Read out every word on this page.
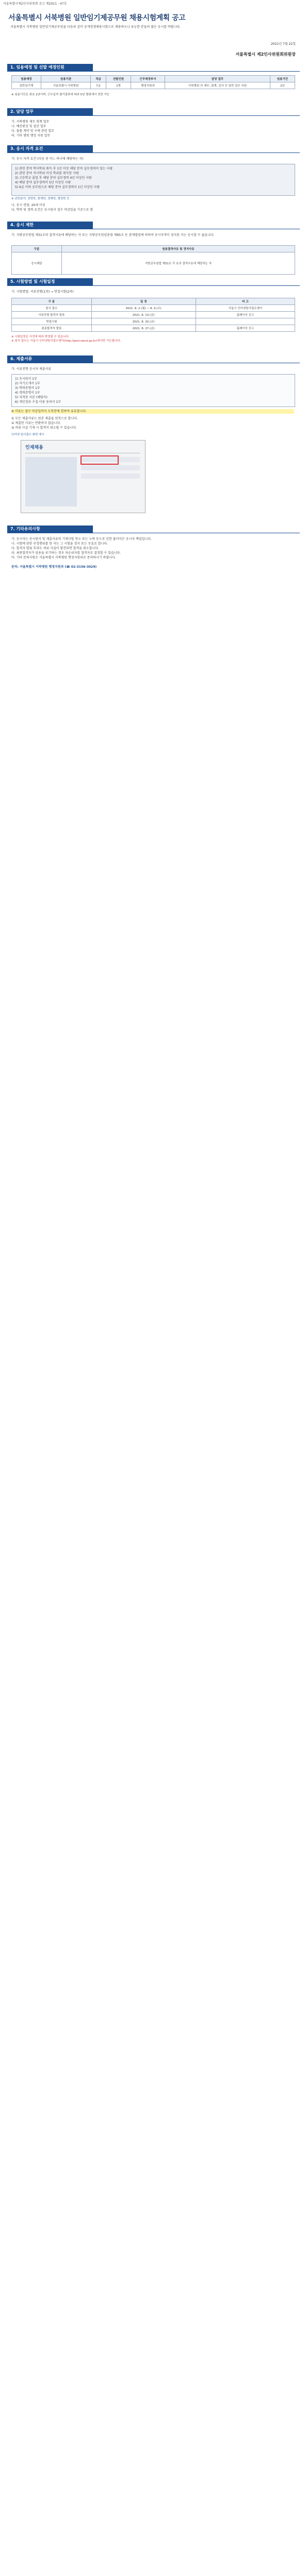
서울특별시제2인사위원회 공고 제2021 - 47호
서울특별시 서북병원 일반임기제공무원 채용시험계획 공고
서울특별시 서북병원 일반임기제공무원을 다음과 같이 공개경쟁채용시험으로 채용하오니 유능한 분들의 많은 응시를 바랍니다.
2021년 7월 22일
서울특별시 제2인사위원회위원장
1. 임용예정 및 선발 예정인원
임용예정	임용기관	직급	선발인원	근무예정부서	담당 업무	임용기간
일반임기제	서울특별시 서북병원	7급	1명	행정지원과	서북병원 의 재무, 회계, 감사 등 일반 업무 지원	2년
※ 임용기간은 최초 2년이며, 근무실적 평가결과에 따라 5년 범위에서 연장 가능
2. 담당 업무
가. 서북병원 재무 회계 업무
나. 예산편성 및 결산 업무
다. 물품 계약 및 구매 관련 업무
라. 기타 병원 행정 지원 업무
3. 응시 자격 요건
가. 응시 자격 요건 (다음 중 어느 하나에 해당하는 자)
1) 관련 분야 학사학위 취득 후 1년 이상 해당 분야 실무경력이 있는 사람
2) 관련 분야 석사학위 이상 학위를 취득한 사람
3) 고등학교 졸업 후 해당 분야 실무경력 4년 이상인 사람
4) 해당 분야 실무경력이 5년 이상인 사람
5) 6급 이하 공무원으로 해당 분야 실무경력이 1년 이상인 사람
※ 관련분야: 경영학, 회계학, 경제학, 행정학 등
나. 응시 연령: 20세 이상
다. 학력 및 경력 요건은 응시원서 접수 마감일을 기준으로 함
4. 응시 제한
가. 지방공무원법 제31조의 결격사유에 해당하는 자 또는 지방공무원임용령 제65조 등 관계법령에 의하여 응시자격이 정지된 자는 응시할 수 없습니다.
구분	임용결격사유 및 정지사유
응시제한	지방공무원법 제31조 각 호의 결격사유에 해당하는 자
5. 시험방법 및 시험일정
가. 시험방법: 서류전형(1차) → 면접시험(2차)
구 분	일 정	비 고
원서 접수	2021. 8. 2.(월) ~ 8. 4.(수)	서울시 인터넷원서접수센터
서류전형 합격자 발표	2021. 8. 13.(금)	홈페이지 공고
면접시험	2021. 8. 20.(금)	
최종합격자 발표	2021. 8. 27.(금)	홈페이지 공고
※ 시험일정은 사정에 따라 변경될 수 있습니다.
※ 원서 접수는 서울시 인터넷원서접수센터(http://gosi.seoul.go.kr)에서만 가능합니다.
6. 제출서류
가. 서류전형 응시자 제출서류
1) 응시원서 1부
2) 자기소개서 1부
3) 학력증명서 1부
4) 경력증명서 1부
5) 자격증 사본 (해당자)
6) 개인정보 수집 이용 동의서 1부
※ 서류는 접수 마감일까지 도착분에 한하여 유효합니다.
① 모든 제출서류는 원본 제출을 원칙으로 합니다.
② 제출한 서류는 반환하지 않습니다.
③ 허위 사실 기재 시 합격이 취소될 수 있습니다.
인터넷 원서접수 화면 예시
인재채용
7. 기타유의사항
가. 응시자는 응시원서 및 제출서류의 기재사항 착오 또는 누락 등으로 인한 불이익은 응시자 책임입니다.
나. 시험에 관한 부정행위를 한 자는 그 시험을 정지 또는 무효로 합니다.
다. 합격자 발표 후라도 허위 사실이 발견되면 합격을 취소합니다.
라. 최종합격자가 임용을 포기하는 경우 차순위자를 합격자로 결정할 수 있습니다.
마. 기타 문의사항은 서울특별시 서북병원 행정지원과로 문의하시기 바랍니다.
문의: 서울특별시 서북병원 행정지원과 (☎ 02-3156-3029)
